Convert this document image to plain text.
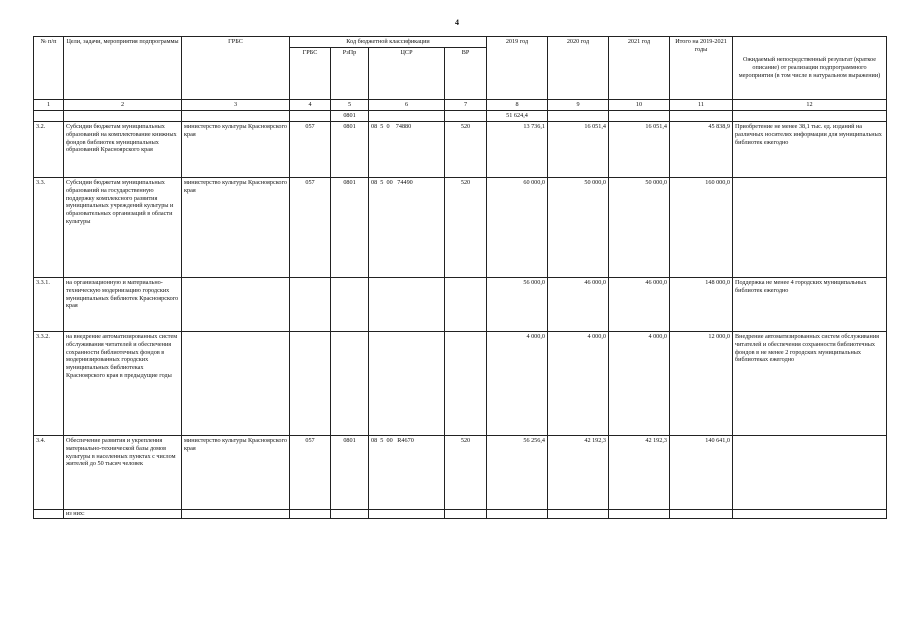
4
№ п/п	Цели, задачи, мероприятия подпрограммы	ГРБС	Код бюджетной классификации				2019 год	2020 год	2021 год	Итого на 2019-2021 годы	Ожидаемый непосредственный результат (краткое описание) от реализации подпрограммного мероприятия (в том числе в натуральном выражении)
			ГРБС	РзПр	ЦСР	ВР					
1	2	3	4	5	6	7	8	9	10	11	12
				0801			51 624,4				
3.2.	Субсидии бюджетам муниципальных образований на комплектование книжных фондов библиотек муниципальных образований Красноярского края	министерство культуры Красноярского края	057	0801	08  5  0    74880	520	13 736,1	16 051,4	16 051,4	45 838,9	Приобретение не менее 38,1 тыс. ед. изданий на различных носителях информации для муниципальных библиотек ежегодно
3.3.	Субсидии бюджетам муниципальных образований на государственную поддержку комплексного развития муниципальных учреждений культуры и образовательных организаций в области культуры	министерство культуры Красноярского края	057	0801	08  5  00   74490	520	60 000,0	50 000,0	50 000,0	160 000,0	
3.3.1.	на организационную и материально-техническую модернизацию городских муниципальных библиотек Красноярского края						56 000,0	46 000,0	46 000,0	148 000,0	Поддержка не менее 4 городских муниципальных библиотек ежегодно
3.3.2.	на внедрение автоматизированных систем обслуживания читателей и обеспечения сохранности библиотечных фондов в модернизированных городских муниципальных библиотеках Красноярского края в предыдущие годы						4 000,0	4 000,0	4 000,0	12 000,0	Внедрение автоматизированных систем обслуживания читателей и обеспечения сохранности библиотечных фондов в не менее 2 городских муниципальных библиотеках ежегодно
3.4.	Обеспечение развития и укрепления материально-технической базы домов культуры в населенных пунктах с числом жителей до 50 тысяч человек	министерство культуры Красноярского края	057	0801	08  5  00   R4670	520	56 256,4	42 192,3	42 192,3	140 641,0	
	из них:										
